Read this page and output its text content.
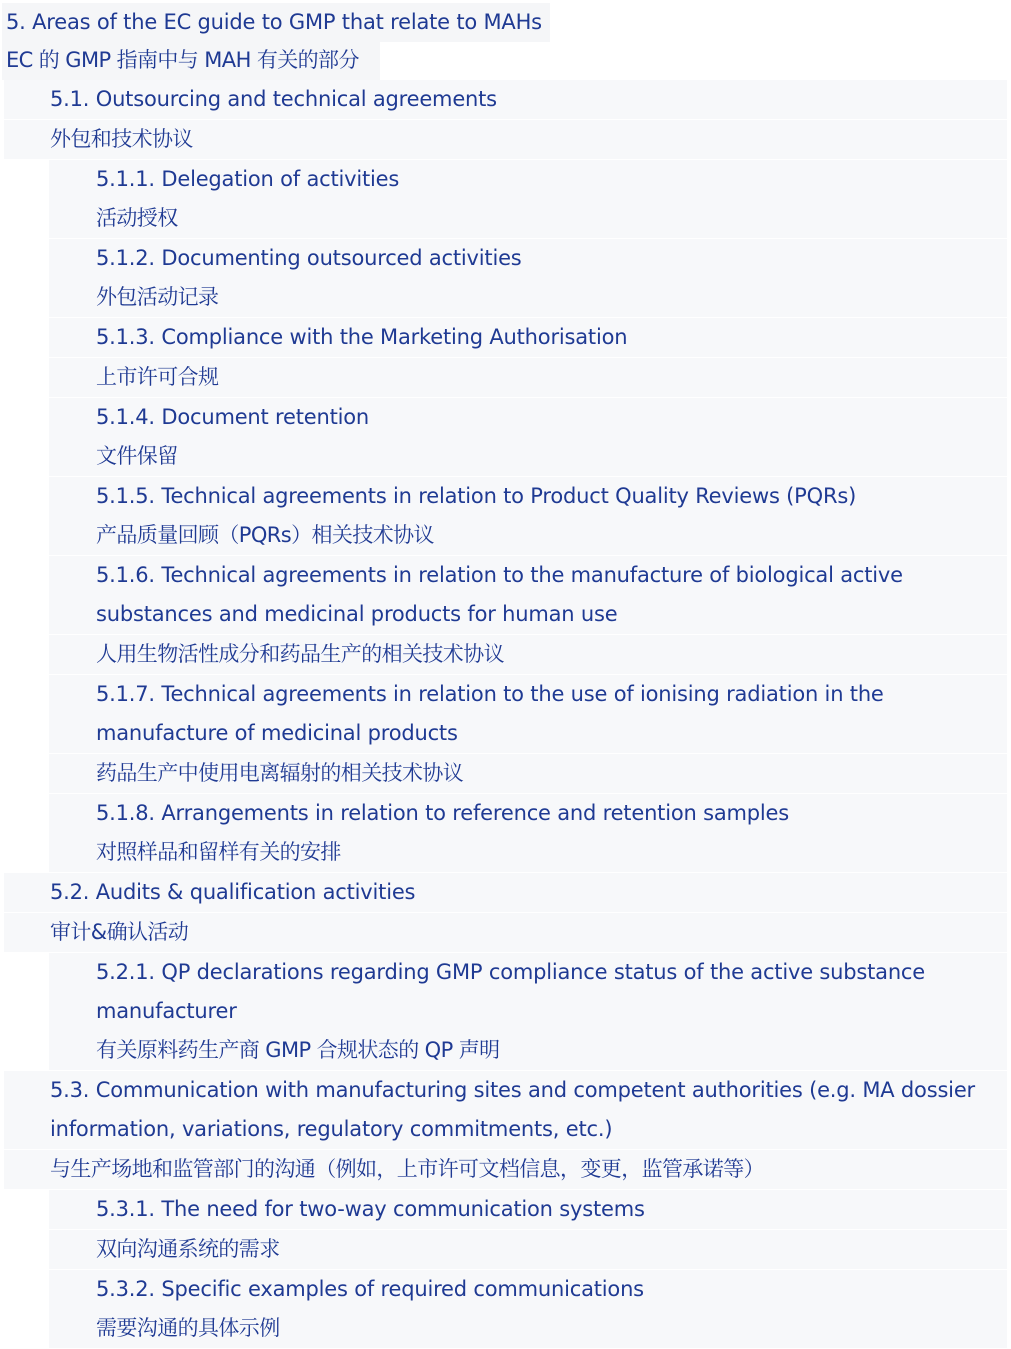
5. Areas of the EC guide to GMP that relate to MAHs
EC 的 GMP 指南中与 MAH 有关的部分
5.1. Outsourcing and technical agreements
外包和技术协议
5.1.1. Delegation of activities
活动授权
5.1.2. Documenting outsourced activities
外包活动记录
5.1.3. Compliance with the Marketing Authorisation
上市许可合规
5.1.4. Document retention
文件保留
5.1.5. Technical agreements in relation to Product Quality Reviews (PQRs)
产品质量回顾（PQRs）相关技术协议
5.1.6. Technical agreements in relation to the manufacture of biological active
substances and medicinal products for human use
人用生物活性成分和药品生产的相关技术协议
5.1.7. Technical agreements in relation to the use of ionising radiation in the
manufacture of medicinal products
药品生产中使用电离辐射的相关技术协议
5.1.8. Arrangements in relation to reference and retention samples
对照样品和留样有关的安排
5.2. Audits & qualification activities
审计&确认活动
5.2.1. QP declarations regarding GMP compliance status of the active substance
manufacturer
有关原料药生产商 GMP 合规状态的 QP 声明
5.3. Communication with manufacturing sites and competent authorities (e.g. MA dossier
information, variations, regulatory commitments, etc.)
与生产场地和监管部门的沟通（例如，上市许可文档信息，变更，监管承诺等）
5.3.1. The need for two-way communication systems
双向沟通系统的需求
5.3.2. Specific examples of required communications
需要沟通的具体示例
